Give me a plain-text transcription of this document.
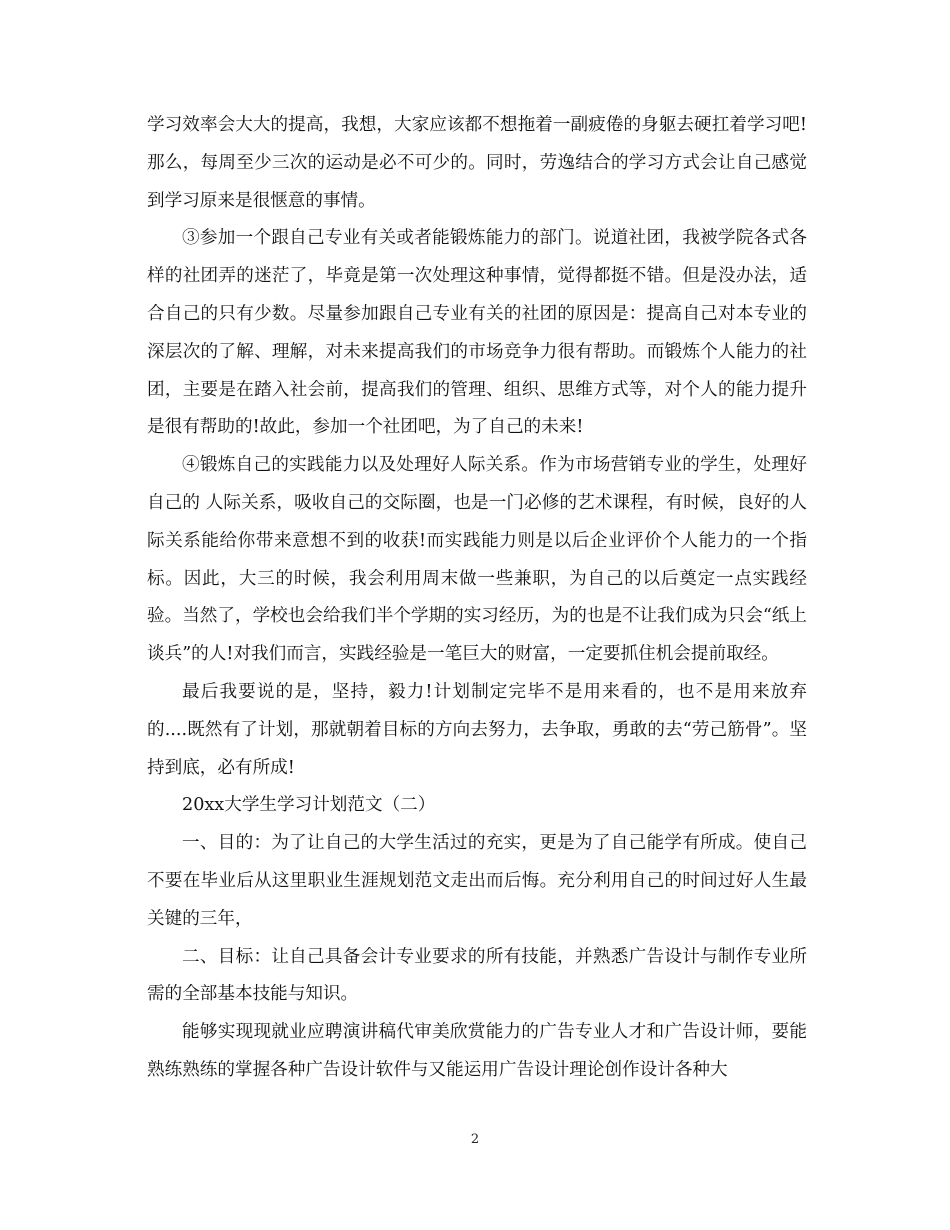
学习效率会大大的提高，我想，大家应该都不想拖着一副疲倦的身躯去硬扛着学习吧!那么，每周至少三次的运动是必不可少的。同时，劳逸结合的学习方式会让自己感觉到学习原来是很惬意的事情。

③参加一个跟自己专业有关或者能锻炼能力的部门。说道社团，我被学院各式各样的社团弄的迷茫了，毕竟是第一次处理这种事情，觉得都挺不错。但是没办法，适合自己的只有少数。尽量参加跟自己专业有关的社团的原因是：提高自己对本专业的深层次的了解、理解，对未来提高我们的市场竞争力很有帮助。而锻炼个人能力的社团，主要是在踏入社会前，提高我们的管理、组织、思维方式等，对个人的能力提升是很有帮助的!故此，参加一个社团吧，为了自己的未来!

④锻炼自己的实践能力以及处理好人际关系。作为市场营销专业的学生，处理好自己的 人际关系，吸收自己的交际圈，也是一门必修的艺术课程，有时候，良好的人际关系能给你带来意想不到的收获!而实践能力则是以后企业评价个人能力的一个指标。因此，大三的时候，我会利用周末做一些兼职，为自己的以后奠定一点实践经验。当然了，学校也会给我们半个学期的实习经历，为的也是不让我们成为只会“纸上谈兵”的人!对我们而言，实践经验是一笔巨大的财富，一定要抓住机会提前取经。

最后我要说的是，坚持，毅力!计划制定完毕不是用来看的，也不是用来放弃的....既然有了计划，那就朝着目标的方向去努力，去争取，勇敢的去“劳己筋骨”。坚持到底，必有所成!

20xx大学生学习计划范文（二）

一、目的：为了让自己的大学生活过的充实，更是为了自己能学有所成。使自己不要在毕业后从这里职业生涯规划范文走出而后悔。充分利用自己的时间过好人生最关键的三年，

二、目标：让自己具备会计专业要求的所有技能，并熟悉广告设计与制作专业所需的全部基本技能与知识。

能够实现现就业应聘演讲稿代审美欣赏能力的广告专业人才和广告设计师，要能熟练熟练的掌握各种广告设计软件与又能运用广告设计理论创作设计各种大

2
